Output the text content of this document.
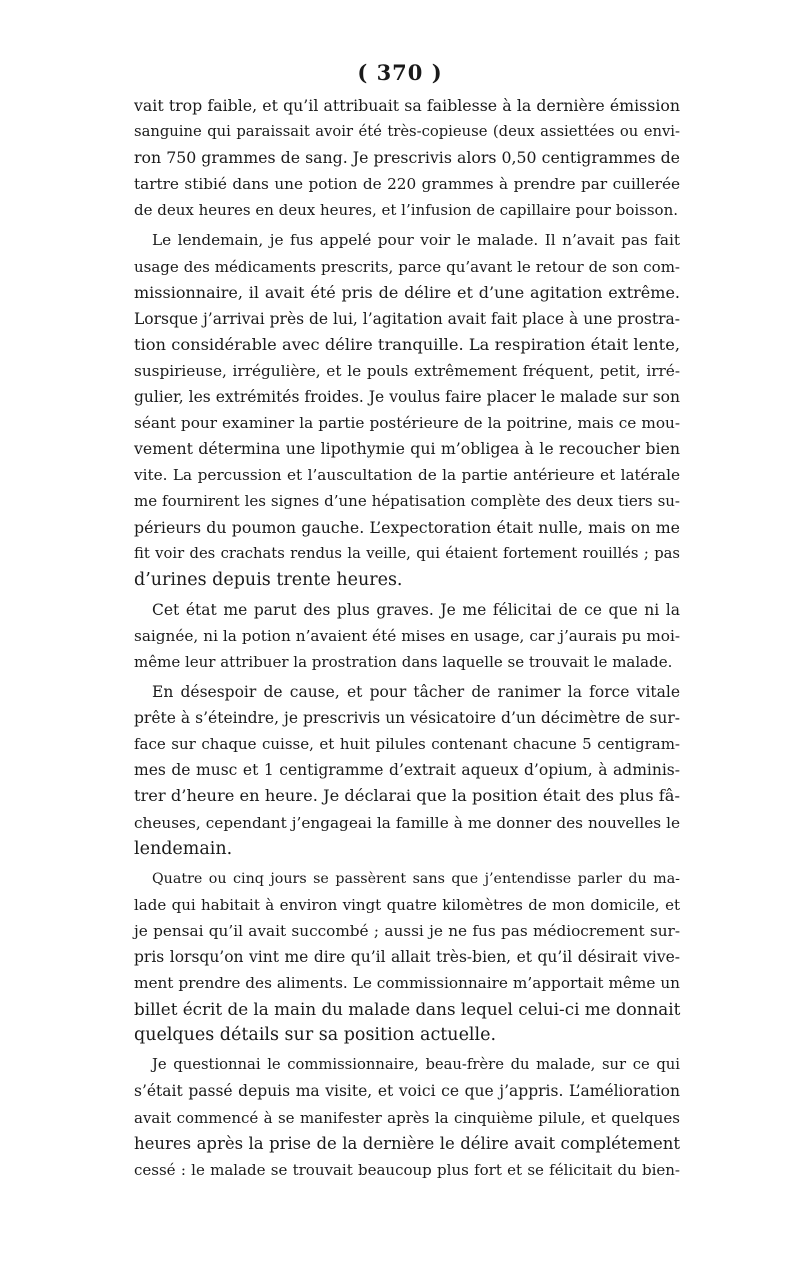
( 370 )
vait trop faible, et qu’il attribuait sa faiblesse à la dernière émission
sanguine qui paraissait avoir été très-copieuse (deux assiettées ou envi-
ron 750 grammes de sang. Je prescrivis alors 0,50 centigrammes de
tartre stibié dans une potion de 220 grammes à prendre par cuillerée
de deux heures en deux heures, et l’infusion de capillaire pour boisson.
Le lendemain, je fus appelé pour voir le malade. Il n’avait pas fait
usage des médicaments prescrits, parce qu’avant le retour de son com-
missionnaire, il avait été pris de délire et d’une agitation extrême.
Lorsque j’arrivai près de lui, l’agitation avait fait place à une prostra-
tion considérable avec délire tranquille. La respiration était lente,
suspirieuse, irrégulière, et le pouls extrêmement fréquent, petit, irré-
gulier, les extrémités froides. Je voulus faire placer le malade sur son
séant pour examiner la partie postérieure de la poitrine, mais ce mou-
vement détermina une lipothymie qui m’obligea à le recoucher bien
vite. La percussion et l’auscultation de la partie antérieure et latérale
me fournirent les signes d’une hépatisation complète des deux tiers su-
périeurs du poumon gauche. L’expectoration était nulle, mais on me
fit voir des crachats rendus la veille, qui étaient fortement rouillés ; pas
d’urines depuis trente heures.
Cet état me parut des plus graves. Je me félicitai de ce que ni la
saignée, ni la potion n’avaient été mises en usage, car j’aurais pu moi-
même leur attribuer la prostration dans laquelle se trouvait le malade.
En désespoir de cause, et pour tâcher de ranimer la force vitale
prête à s’éteindre, je prescrivis un vésicatoire d’un décimètre de sur-
face sur chaque cuisse, et huit pilules contenant chacune 5 centigram-
mes de musc et 1 centigramme d’extrait aqueux d’opium, à adminis-
trer d’heure en heure. Je déclarai que la position était des plus fâ-
cheuses, cependant j’engageai la famille à me donner des nouvelles le
lendemain.
Quatre ou cinq jours se passèrent sans que j’entendisse parler du ma-
lade qui habitait à environ vingt quatre kilomètres de mon domicile, et
je pensai qu’il avait succombé ; aussi je ne fus pas médiocrement sur-
pris lorsqu’on vint me dire qu’il allait très-bien, et qu’il désirait vive-
ment prendre des aliments. Le commissionnaire m’apportait même un
billet écrit de la main du malade dans lequel celui-ci me donnait
quelques détails sur sa position actuelle.
Je questionnai le commissionnaire, beau-frère du malade, sur ce qui
s’était passé depuis ma visite, et voici ce que j’appris. L’amélioration
avait commencé à se manifester après la cinquième pilule, et quelques
heures après la prise de la dernière le délire avait complétement
cessé : le malade se trouvait beaucoup plus fort et se félicitait du bien-
